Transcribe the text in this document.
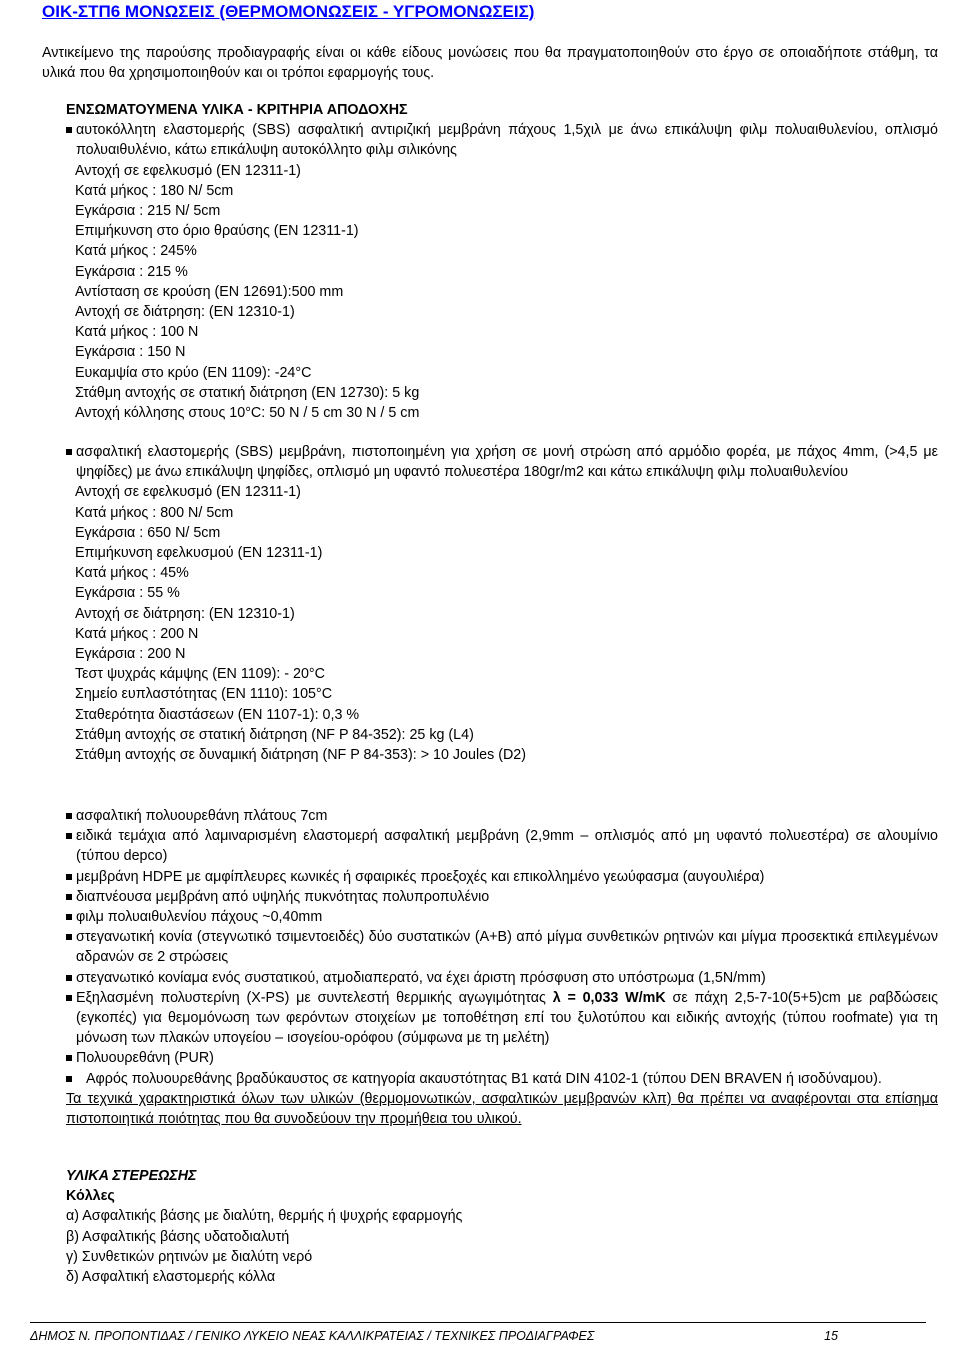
ΟΙΚ-ΣΤΠ6 ΜΟΝΩΣΕΙΣ (ΘΕΡΜΟΜΟΝΩΣΕΙΣ - ΥΓΡΟΜΟΝΩΣΕΙΣ)
Αντικείμενο της παρούσης προδιαγραφής είναι οι κάθε είδους μονώσεις που θα πραγματοποιηθούν στο έργο σε οποιαδήποτε στάθμη, τα υλικά που θα χρησιμοποιηθούν και οι τρόποι εφαρμογής τους.
ΕΝΣΩΜΑΤΟΥΜΕΝΑ ΥΛΙΚΑ - ΚΡΙΤΗΡΙΑ ΑΠΟΔΟΧΗΣ
αυτοκόλλητη ελαστομερής (SBS) ασφαλτική αντιριζική μεμβράνη πάχους 1,5χιλ με άνω επικάλυψη φιλμ πολυαιθυλενίου, οπλισμό πολυαιθυλένιο, κάτω επικάλυψη αυτοκόλλητο φιλμ σιλικόνης
Αντοχή σε εφελκυσμό (ΕΝ 12311-1)
Κατά μήκος : 180 Ν/ 5cm
Εγκάρσια : 215 Ν/ 5cm
Επιμήκυνση στο όριο θραύσης (ΕΝ 12311-1)
Κατά μήκος : 245%
Εγκάρσια : 215 %
Αντίσταση σε κρούση (ΕΝ 12691):500 mm
Αντοχή σε διάτρηση: (ΕΝ 12310-1)
Κατά μήκος : 100 Ν
Εγκάρσια : 150 Ν
Ευκαμψία στο κρύο (ΕΝ 1109): -24°C
Στάθμη αντοχής σε στατική διάτρηση (ΕΝ 12730): 5 kg
Αντοχή κόλλησης στους 10°C: 50 Ν / 5 cm 30 Ν / 5 cm
ασφαλτική ελαστομερής (SBS) μεμβράνη, πιστοποιημένη για χρήση σε μονή στρώση από αρμόδιο φορέα, με πάχος 4mm, (>4,5 με ψηφίδες) με άνω επικάλυψη ψηφίδες, οπλισμό μη υφαντό πολυεστέρα 180gr/m2 και κάτω επικάλυψη φιλμ πολυαιθυλενίου
Αντοχή σε εφελκυσμό (ΕΝ 12311-1)
Κατά μήκος : 800 Ν/ 5cm
Εγκάρσια : 650 Ν/ 5cm
Επιμήκυνση εφελκυσμού (ΕΝ 12311-1)
Κατά μήκος : 45%
Εγκάρσια : 55 %
Αντοχή σε διάτρηση: (ΕΝ 12310-1)
Κατά μήκος : 200 Ν
Εγκάρσια : 200 Ν
Τεστ ψυχράς κάμψης (ΕΝ 1109): - 20°C
Σημείο ευπλαστότητας (ΕΝ 1110): 105°C
Σταθερότητα διαστάσεων (ΕΝ 1107-1): 0,3 %
Στάθμη αντοχής σε στατική διάτρηση (NF P 84-352): 25 kg (L4)
Στάθμη αντοχής σε δυναμική διάτρηση (NF P 84-353): > 10 Joules (D2)
ασφαλτική πολυουρεθάνη πλάτους 7cm
ειδικά τεμάχια από λαμιναρισμένη ελαστομερή ασφαλτική μεμβράνη (2,9mm – οπλισμός από μη υφαντό πολυεστέρα) σε αλουμίνιο (τύπου depco)
μεμβράνη HDPE με αμφίπλευρες κωνικές ή σφαιρικές προεξοχές και επικολλημένο γεωύφασμα (αυγουλιέρα)
διαπνέουσα μεμβράνη από υψηλής πυκνότητας πολυπροπυλένιο
φιλμ πολυαιθυλενίου πάχους ~0,40mm
στεγανωτική κονία (στεγνωτικό τσιμεντοειδές) δύο συστατικών (Α+Β) από μίγμα συνθετικών ρητινών και μίγμα προσεκτικά επιλεγμένων αδρανών σε 2 στρώσεις
στεγανωτικό κονίαμα ενός συστατικού, ατμοδιαπερατό, να έχει άριστη πρόσφυση στο υπόστρωμα (1,5Ν/mm)
Εξηλασμένη πολυστερίνη (X-PS) με συντελεστή θερμικής αγωγιμότητας λ = 0,033 W/mK σε πάχη 2,5-7-10(5+5)cm με ραβδώσεις (εγκοπές) για θεμομόνωση των φερόντων στοιχείων με τοποθέτηση επί του ξυλοτύπου και ειδικής αντοχής (τύπου roofmate) για τη μόνωση των πλακών υπογείου – ισογείου-ορόφου (σύμφωνα με τη μελέτη)
Πολυουρεθάνη (PUR)
Αφρός πολυουρεθάνης βραδύκαυστος σε κατηγορία ακαυστότητας Β1 κατά DIN 4102-1 (τύπου DEN BRAVEN ή ισοδύναμου).
Τα τεχνικά χαρακτηριστικά όλων των υλικών (θερμομονωτικών, ασφαλτικών μεμβρανών κλπ) θα πρέπει να αναφέρονται στα επίσημα πιστοποιητικά ποιότητας που θα συνοδεύουν την προμήθεια του υλικού.
ΥΛΙΚΑ ΣΤΕΡΕΩΣΗΣ
Κόλλες
α) Ασφαλτικής βάσης με διαλύτη, θερμής ή ψυχρής εφαρμογής
β) Ασφαλτικής βάσης υδατοδιαλυτή
γ) Συνθετικών ρητινών με διαλύτη νερό
δ) Ασφαλτική ελαστομερής κόλλα
ΔΗΜΟΣ Ν. ΠΡΟΠΟΝΤΙΔΑΣ / ΓΕΝΙΚΟ ΛΥΚΕΙΟ ΝΕΑΣ ΚΑΛΛΙΚΡΑΤΕΙΑΣ / ΤΕΧΝΙΚΕΣ ΠΡΟΔΙΑΓΡΑΦΕΣ	15
